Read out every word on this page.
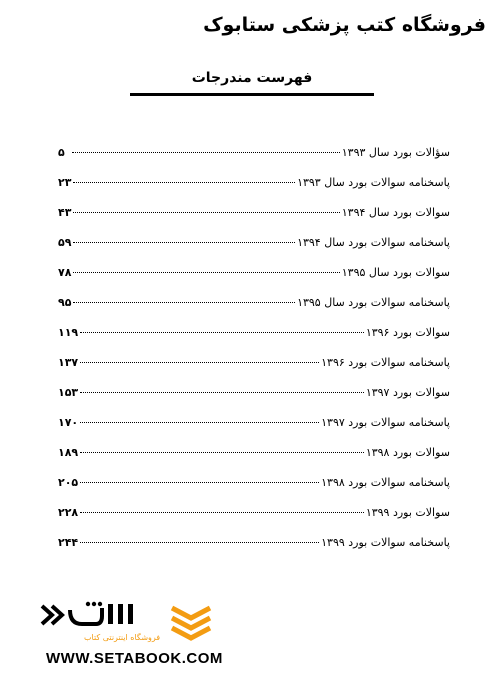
فروشگاه کتب پزشکی ستابوک
فهرست مندرجات
سؤالات بورد سال ۱۳۹۳
۵
پاسخنامه سوالات بورد سال ۱۳۹۳
۲۳
سوالات بورد سال ۱۳۹۴
۴۳
پاسخنامه سوالات بورد سال ۱۳۹۴
۵۹
سوالات بورد سال ۱۳۹۵
۷۸
پاسخنامه سوالات بورد سال ۱۳۹۵
۹۵
سوالات بورد ۱۳۹۶
۱۱۹
پاسخنامه سوالات بورد ۱۳۹۶
۱۳۷
سوالات بورد ۱۳۹۷
۱۵۳
پاسخنامه سوالات بورد ۱۳۹۷
۱۷۰
سوالات بورد ۱۳۹۸
۱۸۹
پاسخنامه سوالات بورد ۱۳۹۸
۲۰۵
سوالات بورد ۱۳۹۹
۲۲۸
پاسخنامه سوالات بورد ۱۳۹۹
۲۴۴
فروشگاه اینترنتی کتاب
WWW.SETABOOK.COM
